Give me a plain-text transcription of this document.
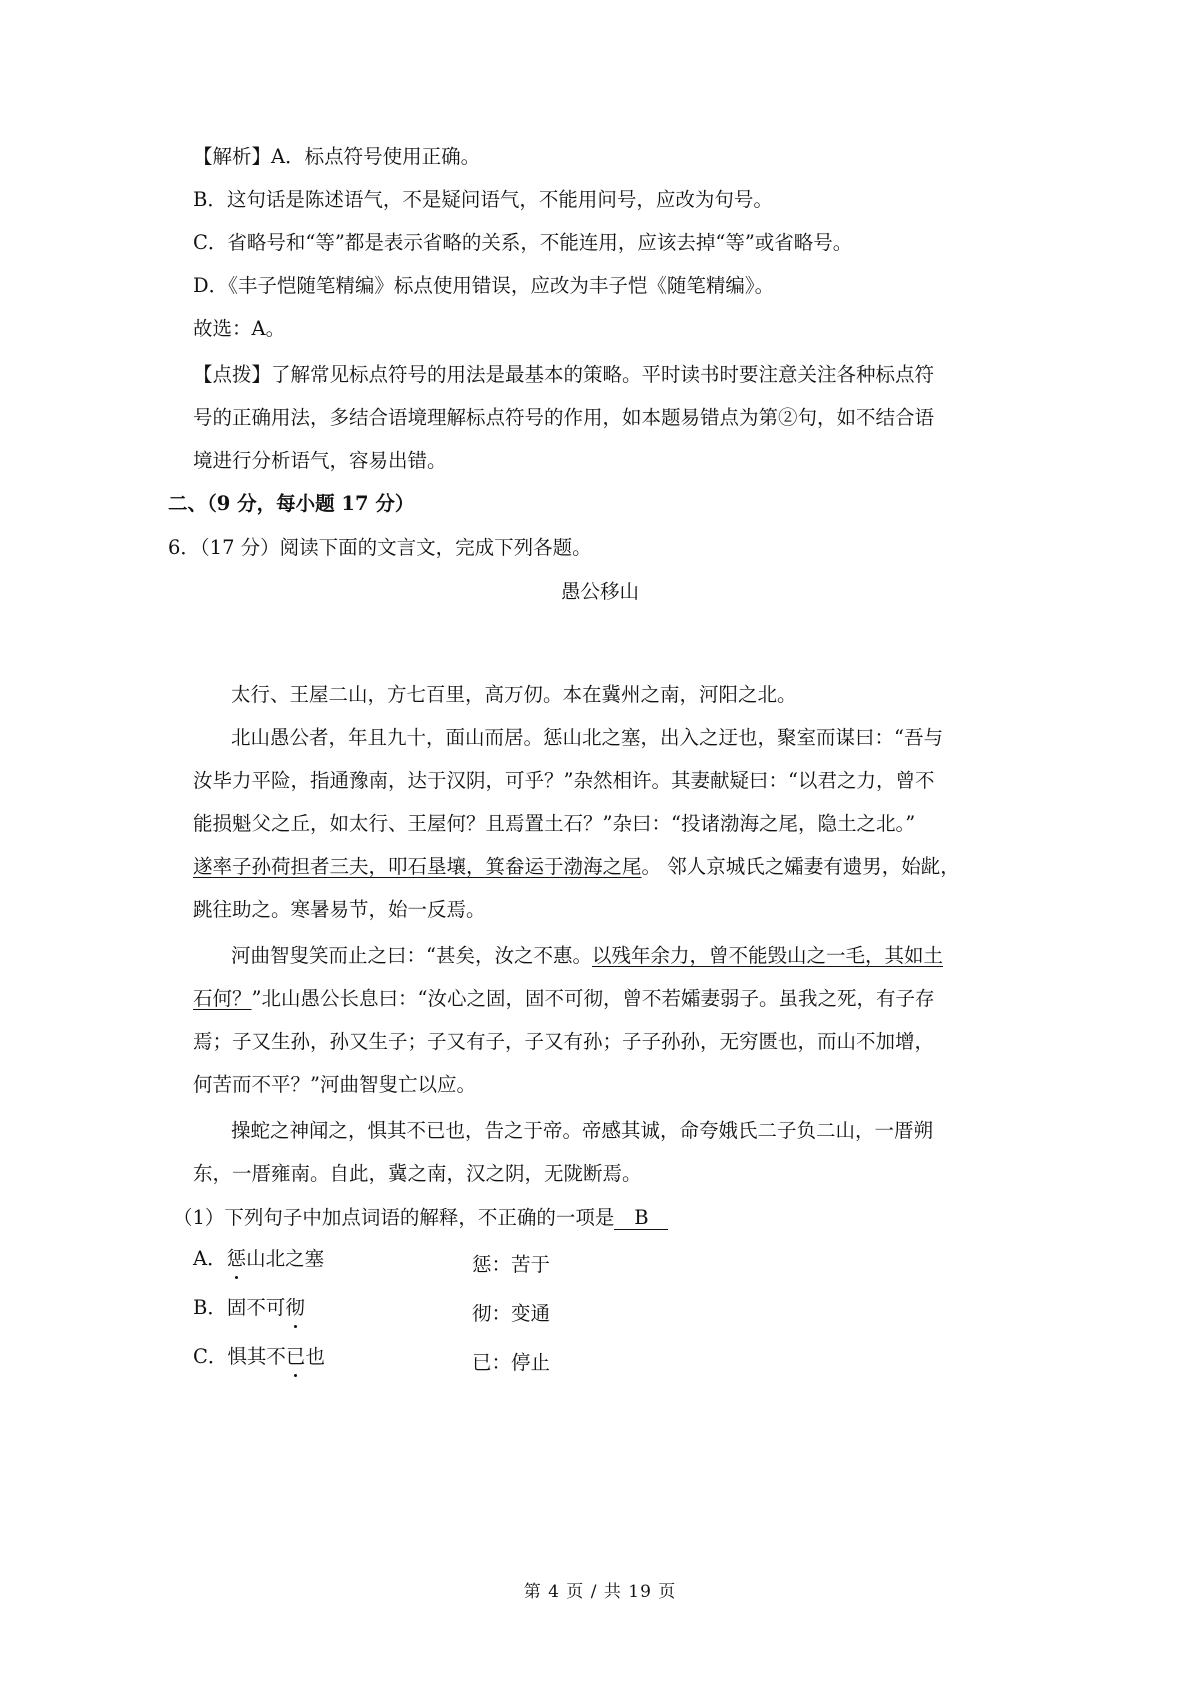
【解析】A．标点符号使用正确。
B．这句话是陈述语气，不是疑问语气，不能用问号，应改为句号。
C．省略号和“等”都是表示省略的关系，不能连用，应该去掉“等”或省略号。
D．《丰子恺随笔精编》标点使用错误，应改为丰子恺《随笔精编》。
故选：A。
【点拨】了解常见标点符号的用法是最基本的策略。平时读书时要注意关注各种标点符
号的正确用法，多结合语境理解标点符号的作用，如本题易错点为第②句，如不结合语
境进行分析语气，容易出错。
二、（9 分，每小题 17 分）
6．（17 分）阅读下面的文言文，完成下列各题。
愚公移山
太行、王屋二山，方七百里，高万仞。本在冀州之南，河阳之北。
北山愚公者，年且九十，面山而居。惩山北之塞，出入之迂也，聚室而谋曰：“吾与
汝毕力平险，指通豫南，达于汉阴，可乎？”杂然相许。其妻献疑曰：“以君之力，曾不
能损魁父之丘，如太行、王屋何？且焉置土石？”杂曰：“投诸渤海之尾，隐土之北。”
遂率子孙荷担者三夫，叩石垦壤，箕畚运于渤海之尾。 邻人京城氏之孀妻有遗男，始龀，
跳往助之。寒暑易节，始一反焉。
河曲智叟笑而止之曰：“甚矣，汝之不惠。以残年余力，曾不能毁山之一毛，其如土
石何？”北山愚公长息曰：“汝心之固，固不可彻，曾不若孀妻弱子。虽我之死，有子存
焉；子又生孙，孙又生子；子又有子，子又有孙；子子孙孙，无穷匮也，而山不加增，
何苦而不平？”河曲智叟亡以应。
操蛇之神闻之，惧其不已也，告之于帝。帝感其诚，命夸娥氏二子负二山，一厝朔
东，一厝雍南。自此，冀之南，汉之阴，无陇断焉。
（1）下列句子中加点词语的解释，不正确的一项是 B
A．惩山北之塞	惩：苦于
B．固不可彻	彻：变通
C．惧其不已也	已：停止
第 4 页 / 共 19 页
